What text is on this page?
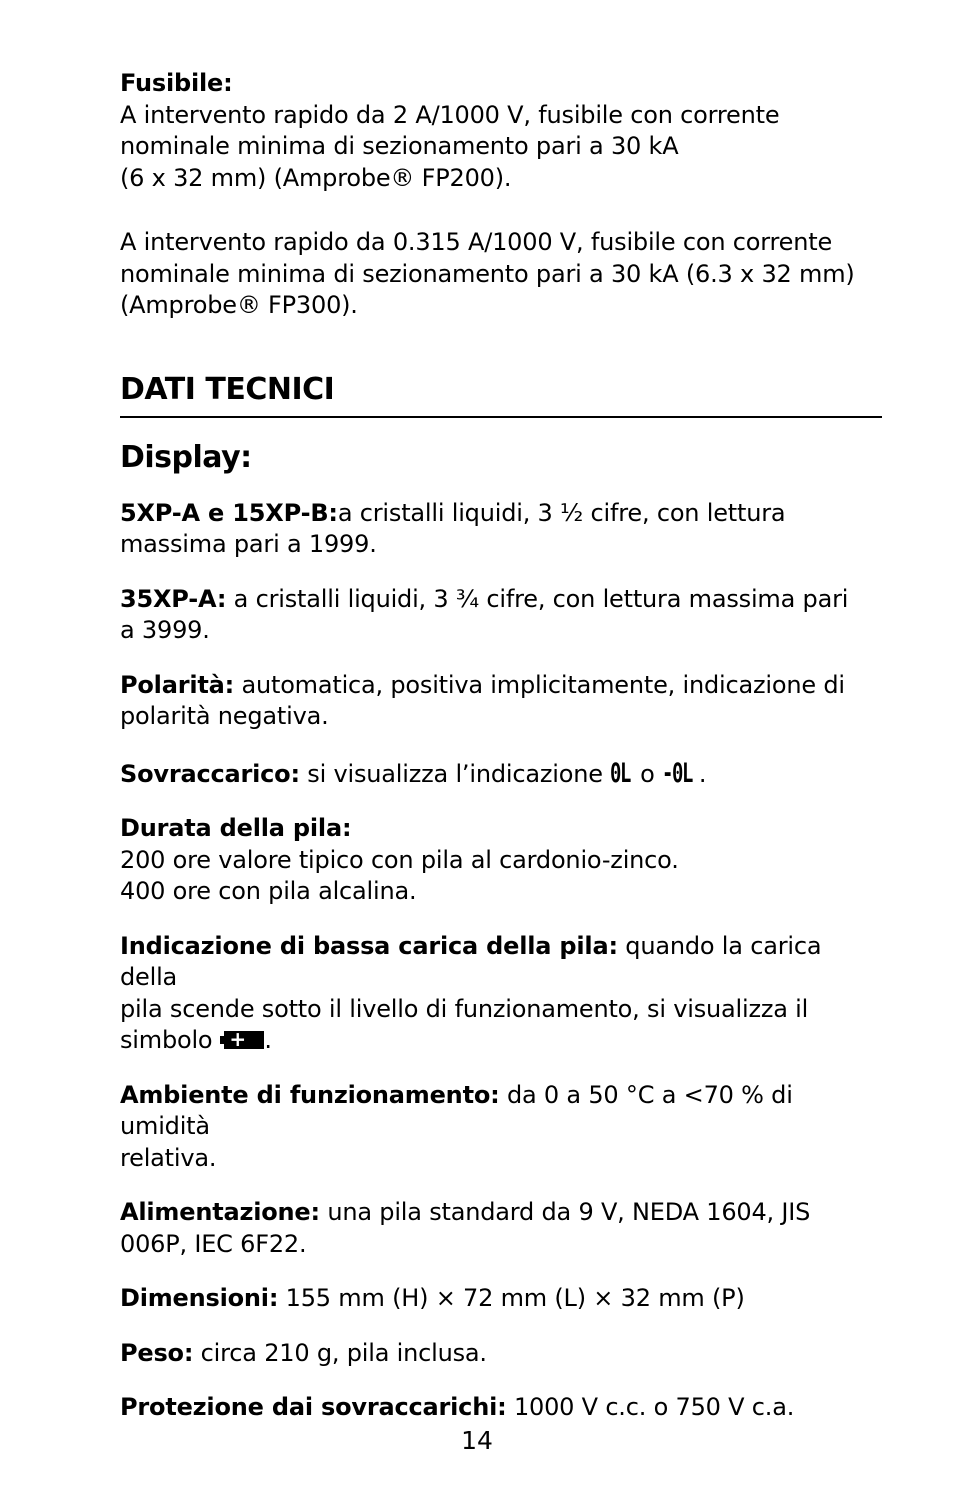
Fusibile:

A intervento rapido da 2 A/1000 V, fusibile con corrente
nominale minima di sezionamento pari a 30 kA
(6 x 32 mm) (Amprobe® FP200).

A intervento rapido da 0.315 A/1000 V, fusibile con corrente
nominale minima di sezionamento pari a 30 kA (6.3 x 32 mm)
(Amprobe® FP300).

DATI TECNICI
Display:

5XP-A e 15XP-B:a cristalli liquidi, 3 ½ cifre, con lettura
massima pari a 1999.

35XP-A: a cristalli liquidi, 3 ¾ cifre, con lettura massima pari
a 3999.

Polarità: automatica, positiva implicitamente, indicazione di
polarità negativa.

Sovraccarico: si visualizza l’indicazione 0L o -0L .

Durata della pila:
200 ore valore tipico con pila al cardonio-zinco.
400 ore con pila alcalina.

Indicazione di bassa carica della pila: quando la carica della
pila scende sotto il livello di funzionamento, si visualizza il
simbolo + .

Ambiente di funzionamento: da 0 a 50 °C a <70 % di umidità
relativa.

Alimentazione: una pila standard da 9 V, NEDA 1604, JIS
006P, IEC 6F22.

Dimensioni: 155 mm (H) × 72 mm (L) × 32 mm (P)

Peso: circa 210 g, pila inclusa.

Protezione dai sovraccarichi: 1000 V c.c. o 750 V c.a.

14
